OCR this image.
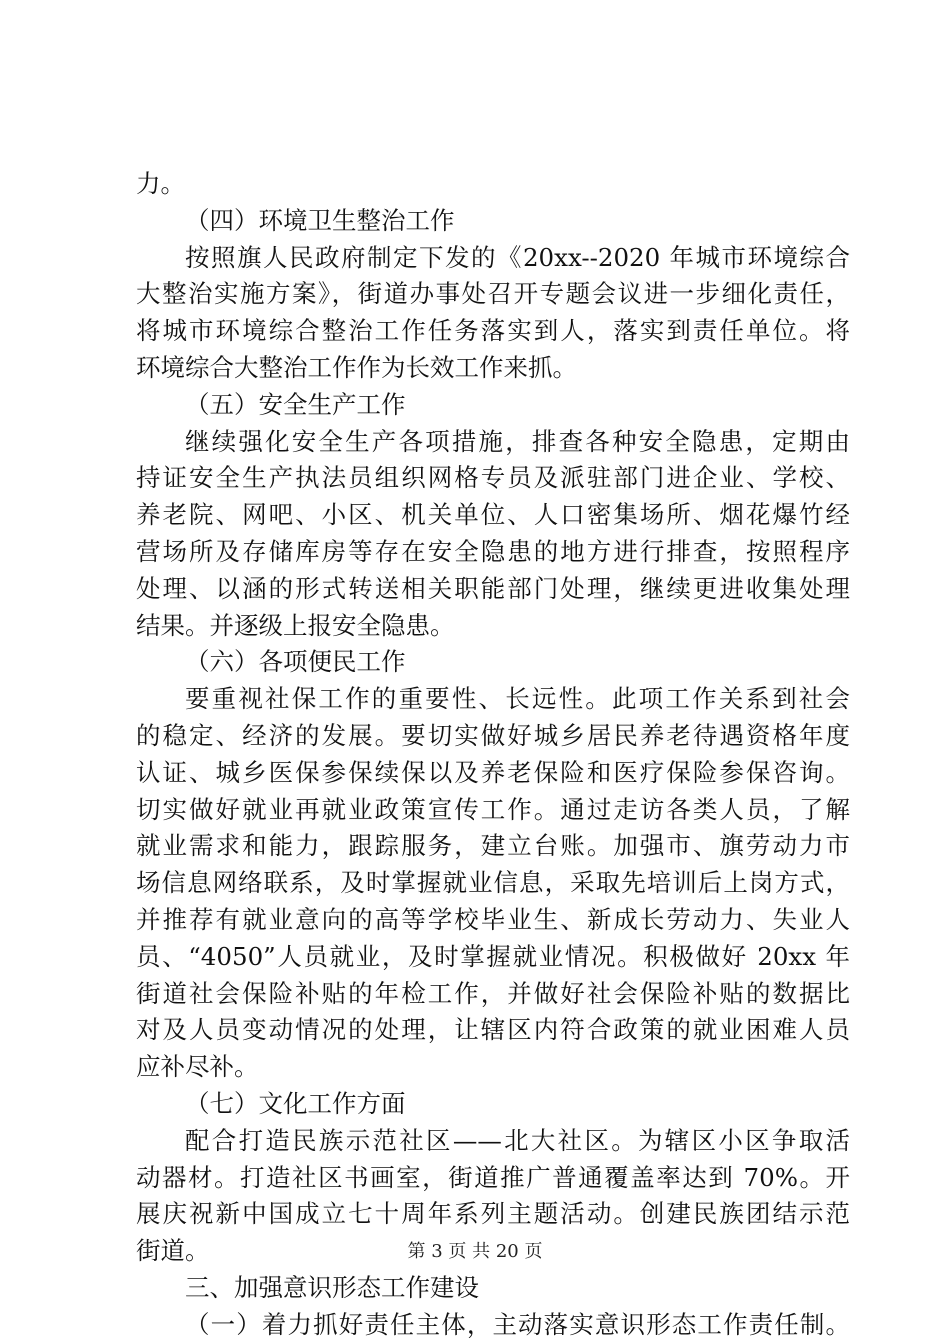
力。
（四）环境卫生整治工作
按照旗人民政府制定下发的《20xx--2020 年城市环境综合
大整治实施方案》，街道办事处召开专题会议进一步细化责任，
将城市环境综合整治工作任务落实到人，落实到责任单位。将
环境综合大整治工作作为长效工作来抓。
（五）安全生产工作
继续强化安全生产各项措施，排查各种安全隐患，定期由
持证安全生产执法员组织网格专员及派驻部门进企业、学校、
养老院、网吧、小区、机关单位、人口密集场所、烟花爆竹经
营场所及存储库房等存在安全隐患的地方进行排查，按照程序
处理、以涵的形式转送相关职能部门处理，继续更进收集处理
结果。并逐级上报安全隐患。
（六）各项便民工作
要重视社保工作的重要性、长远性。此项工作关系到社会
的稳定、经济的发展。要切实做好城乡居民养老待遇资格年度
认证、城乡医保参保续保以及养老保险和医疗保险参保咨询。
切实做好就业再就业政策宣传工作。通过走访各类人员，了解
就业需求和能力，跟踪服务，建立台账。加强市、旗劳动力市
场信息网络联系，及时掌握就业信息，采取先培训后上岗方式，
并推荐有就业意向的高等学校毕业生、新成长劳动力、失业人
员、“4050”人员就业，及时掌握就业情况。积极做好 20xx 年
街道社会保险补贴的年检工作，并做好社会保险补贴的数据比
对及人员变动情况的处理，让辖区内符合政策的就业困难人员
应补尽补。
（七）文化工作方面
配合打造民族示范社区——北大社区。为辖区小区争取活
动器材。打造社区书画室，街道推广普通覆盖率达到 70%。开
展庆祝新中国成立七十周年系列主题活动。创建民族团结示范
街道。
三、加强意识形态工作建设
（一）着力抓好责任主体，主动落实意识形态工作责任制。
第 3 页 共 20 页
